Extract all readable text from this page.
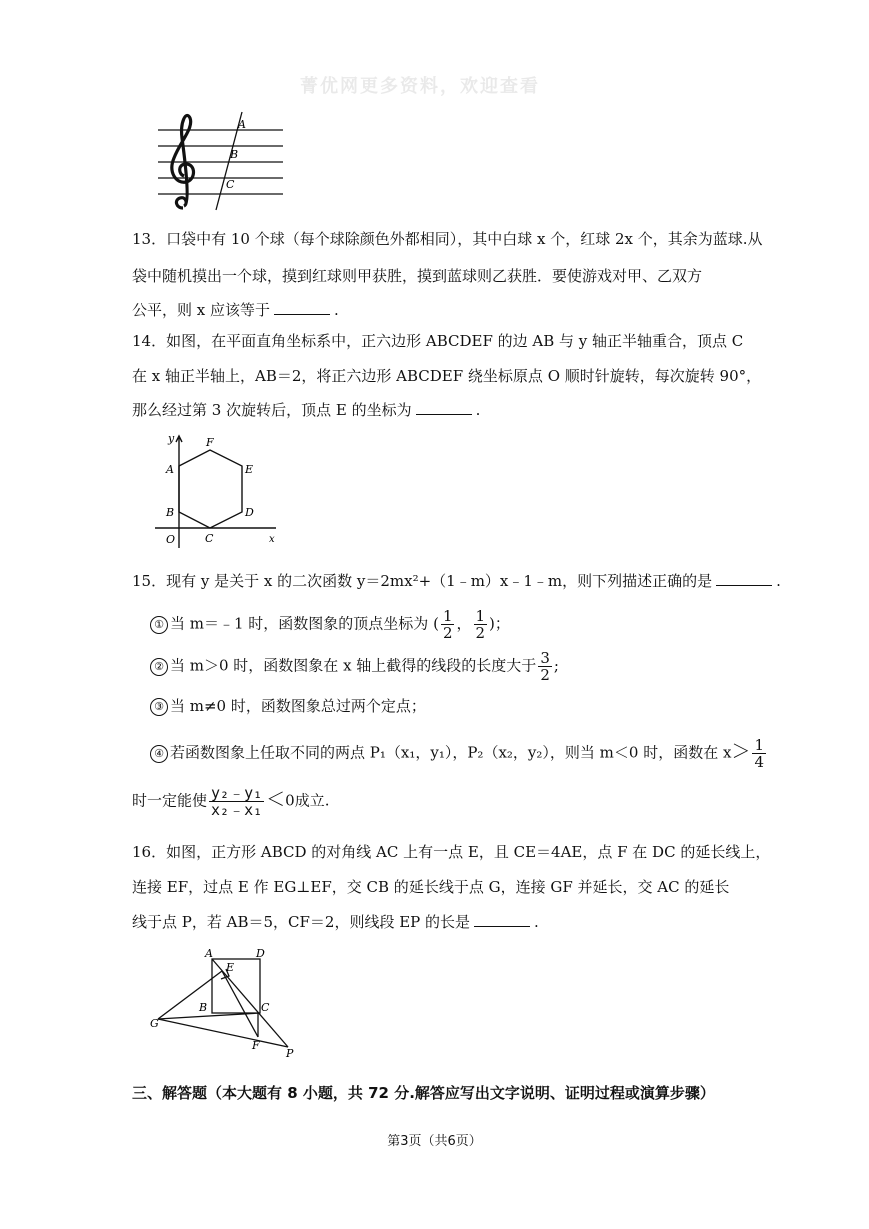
菁优网更多资料，欢迎查看
A
B
C
13．口袋中有 10 个球（每个球除颜色外都相同），其中白球 x 个，红球 2x 个，其余为蓝球.从
袋中随机摸出一个球，摸到红球则甲获胜，摸到蓝球则乙获胜．要使游戏对甲、乙双方
公平，则 x 应该等于	.
14．如图，在平面直角坐标系中，正六边形 ABCDEF 的边 AB 与 y 轴正半轴重合，顶点 C
在 x 轴正半轴上，AB＝2，将正六边形 ABCDEF 绕坐标原点 O 顺时针旋转，每次旋转 90°，
那么经过第 3 次旋转后，顶点 E 的坐标为	.
y	F
A	E
B	D
O	C	x
15．现有 y 是关于 x 的二次函数 y＝2mx²+（1﹣m）x﹣1﹣m，则下列描述正确的是	.
① 当 m＝﹣1 时，函数图象的顶点坐标为 ( $\frac{1}{2}$ ， $\frac{1}{2}$ )；
② 当 m＞0 时，函数图象在 x 轴上截得的线段的长度大于 $\frac{3}{2}$ ;
③ 当 m≠0 时，函数图象总过两个定点；
④ 若函数图象上任取不同的两点 P₁（x₁，y₁），P₂（x₂，y₂），则当 m＜0 时，函数在 $x> \frac{1}{4}$
时一定能使 $\frac{\text{y₂﹣y₁}}{\text{x₂﹣x₁}} <0$成立.
16．如图，正方形 ABCD 的对角线 AC 上有一点 E，且 CE＝4AE，点 F 在 DC 的延长线上，
连接 EF，过点 E 作 EG⊥EF，交 CB 的延长线于点 G，连接 GF 并延长，交 AC 的延长
线于点 P，若 AB＝5，CF＝2，则线段 EP 的长是	.
A	D
E
B	C
G
F
P
三、解答题（本大题有 8 小题，共 72 分.解答应写出文字说明、证明过程或演算步骤）
第3页（共6页）
